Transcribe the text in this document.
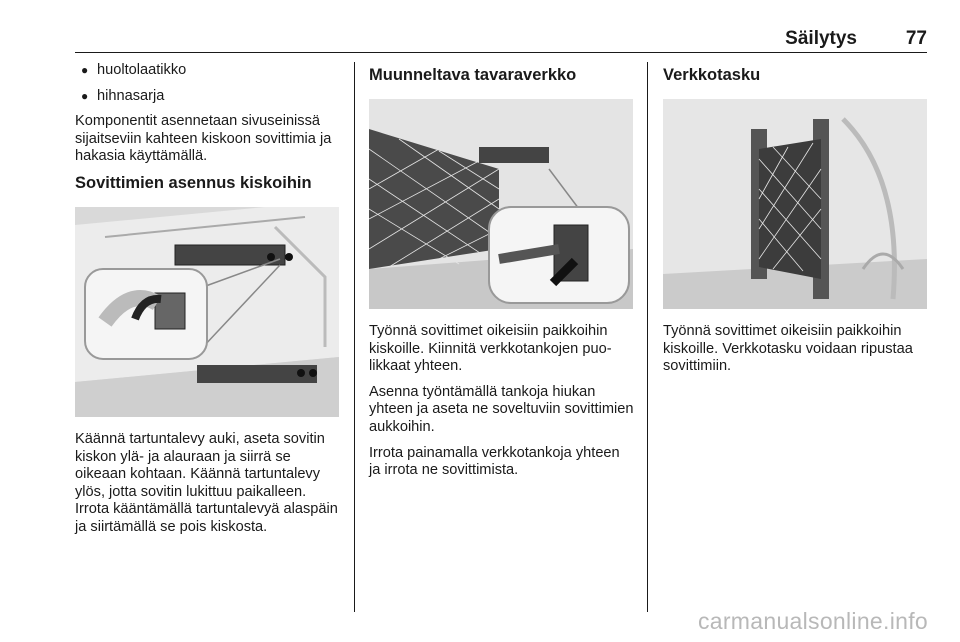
Säilytys	77
● huoltolaatikko
● hihnasarja
Komponentit asennetaan sivuseinissä sijaitseviin kahteen kiskoon sovittimia ja hakasia käyttämällä.
Sovittimien asennus kiskoihin
Käännä tartuntalevy auki, aseta sovitin kiskon ylä- ja alauraan ja siirrä se oikeaan kohtaan. Käännä tartuntalevy ylös, jotta sovitin lukittuu paikalleen. Irrota kääntämällä tartuntalevyä alaspäin ja siirtämällä se pois kiskosta.
Muunneltava tavaraverkko
Työnnä sovittimet oikeisiin paikkoihin kiskoille. Kiinnitä verkkotankojen puolikkaat yhteen.
Asenna työntämällä tankoja hiukan yhteen ja aseta ne soveltuviin sovittimien aukkoihin.
Irrota painamalla verkkotankoja yhteen ja irrota ne sovittimista.
Verkkotasku
Työnnä sovittimet oikeisiin paikkoihin kiskoille. Verkkotasku voidaan ripustaa sovittimiin.
carmanualsonline.info
